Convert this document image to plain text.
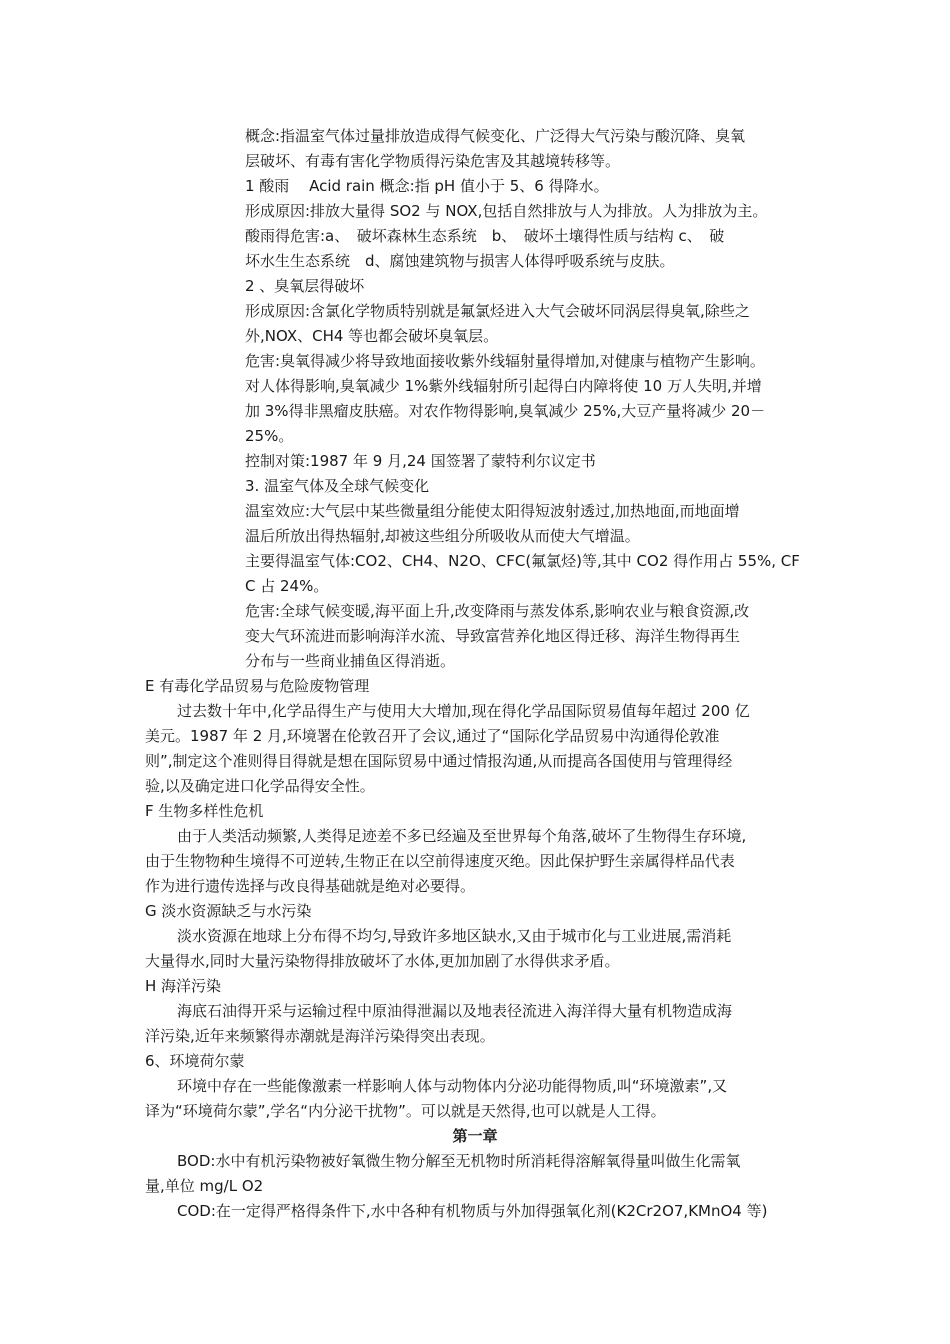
概念:指温室气体过量排放造成得气候变化、广泛得大气污染与酸沉降、臭氧
层破坏、有毒有害化学物质得污染危害及其越境转移等。
1 酸雨　 Acid rain 概念:指 pH 值小于 5、6 得降水。
形成原因:排放大量得 SO2 与 NOX,包括自然排放与人为排放。人为排放为主。
酸雨得危害:a、　破坏森林生态系统　b、　破坏土壤得性质与结构 c、　破
坏水生生态系统　d、腐蚀建筑物与损害人体得呼吸系统与皮肤。
2 、臭氧层得破坏
形成原因:含氯化学物质特别就是氟氯烃进入大气会破坏同涡层得臭氧,除些之
外,NOX、CH4 等也都会破坏臭氧层。
危害:臭氧得减少将导致地面接收紫外线辐射量得增加,对健康与植物产生影响。
对人体得影响,臭氧减少 1%紫外线辐射所引起得白内障将使 10 万人失明,并增
加 3%得非黑瘤皮肤癌。对农作物得影响,臭氧减少 25%,大豆产量将减少 20－
25%。
控制对策:1987 年 9 月,24 国签署了蒙特利尔议定书
3. 温室气体及全球气候变化
温室效应:大气层中某些微量组分能使太阳得短波射透过,加热地面,而地面增
温后所放出得热辐射,却被这些组分所吸收从而使大气增温。
主要得温室气体:CO2、CH4、N2O、CFC(氟氯烃)等,其中 CO2 得作用占 55%, CF
C 占 24%。
危害:全球气候变暖,海平面上升,改变降雨与蒸发体系,影响农业与粮食资源,改
变大气环流进而影响海洋水流、导致富营养化地区得迁移、海洋生物得再生
分布与一些商业捕鱼区得消逝。
E 有毒化学品贸易与危险废物管理
过去数十年中,化学品得生产与使用大大增加,现在得化学品国际贸易值每年超过 200 亿
美元。1987 年 2 月,环境署在伦敦召开了会议,通过了“国际化学品贸易中沟通得伦敦准
则”,制定这个准则得目得就是想在国际贸易中通过情报沟通,从而提高各国使用与管理得经
验,以及确定进口化学品得安全性。
F 生物多样性危机
由于人类活动频繁,人类得足迹差不多已经遍及至世界每个角落,破坏了生物得生存环境,
由于生物物种生境得不可逆转,生物正在以空前得速度灭绝。因此保护野生亲属得样品代表
作为进行遗传选择与改良得基础就是绝对必要得。
G 淡水资源缺乏与水污染
淡水资源在地球上分布得不均匀,导致许多地区缺水,又由于城市化与工业进展,需消耗
大量得水,同时大量污染物得排放破坏了水体,更加加剧了水得供求矛盾。
H 海洋污染
海底石油得开采与运输过程中原油得泄漏以及地表径流进入海洋得大量有机物造成海
洋污染,近年来频繁得赤潮就是海洋污染得突出表现。
6、环境荷尔蒙
环境中存在一些能像激素一样影响人体与动物体内分泌功能得物质,叫“环境激素”,又
译为“环境荷尔蒙”,学名“内分泌干扰物”。可以就是天然得,也可以就是人工得。
第一章
BOD:水中有机污染物被好氧微生物分解至无机物时所消耗得溶解氧得量叫做生化需氧
量,单位 mg/L O2
COD:在一定得严格得条件下,水中各种有机物质与外加得强氧化剂(K2Cr2O7,KMnO4 等)
